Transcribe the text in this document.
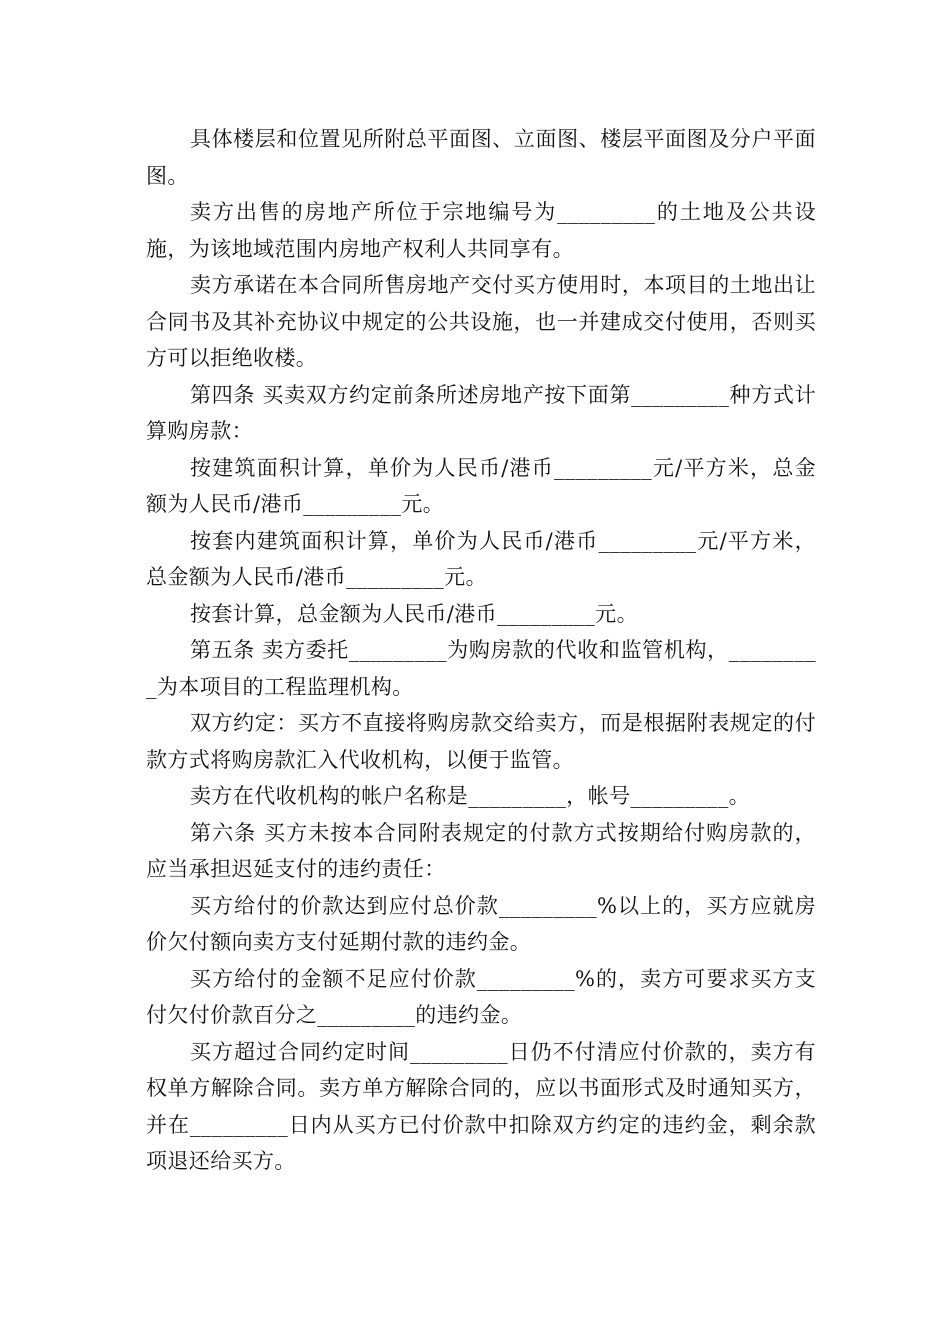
具体楼层和位置见所附总平面图、立面图、楼层平面图及分户平面图。

卖方出售的房地产所位于宗地编号为_________的土地及公共设施，为该地域范围内房地产权利人共同享有。

卖方承诺在本合同所售房地产交付买方使用时，本项目的土地出让合同书及其补充协议中规定的公共设施，也一并建成交付使用，否则买方可以拒绝收楼。

第四条 买卖双方约定前条所述房地产按下面第_________种方式计算购房款：

按建筑面积计算，单价为人民币/港币_________元/平方米，总金额为人民币/港币_________元。

按套内建筑面积计算，单价为人民币/港币_________元/平方米，总金额为人民币/港币_________元。

按套计算，总金额为人民币/港币_________元。

第五条 卖方委托_________为购房款的代收和监管机构，_________为本项目的工程监理机构。

双方约定：买方不直接将购房款交给卖方，而是根据附表规定的付款方式将购房款汇入代收机构，以便于监管。

卖方在代收机构的帐户名称是_________，帐号_________。

第六条 买方未按本合同附表规定的付款方式按期给付购房款的，应当承担迟延支付的违约责任：

买方给付的价款达到应付总价款_________%以上的，买方应就房价欠付额向卖方支付延期付款的违约金。

买方给付的金额不足应付价款_________%的，卖方可要求买方支付欠付价款百分之_________的违约金。

买方超过合同约定时间_________日仍不付清应付价款的，卖方有权单方解除合同。卖方单方解除合同的，应以书面形式及时通知买方，并在_________日内从买方已付价款中扣除双方约定的违约金，剩余款项退还给买方。
